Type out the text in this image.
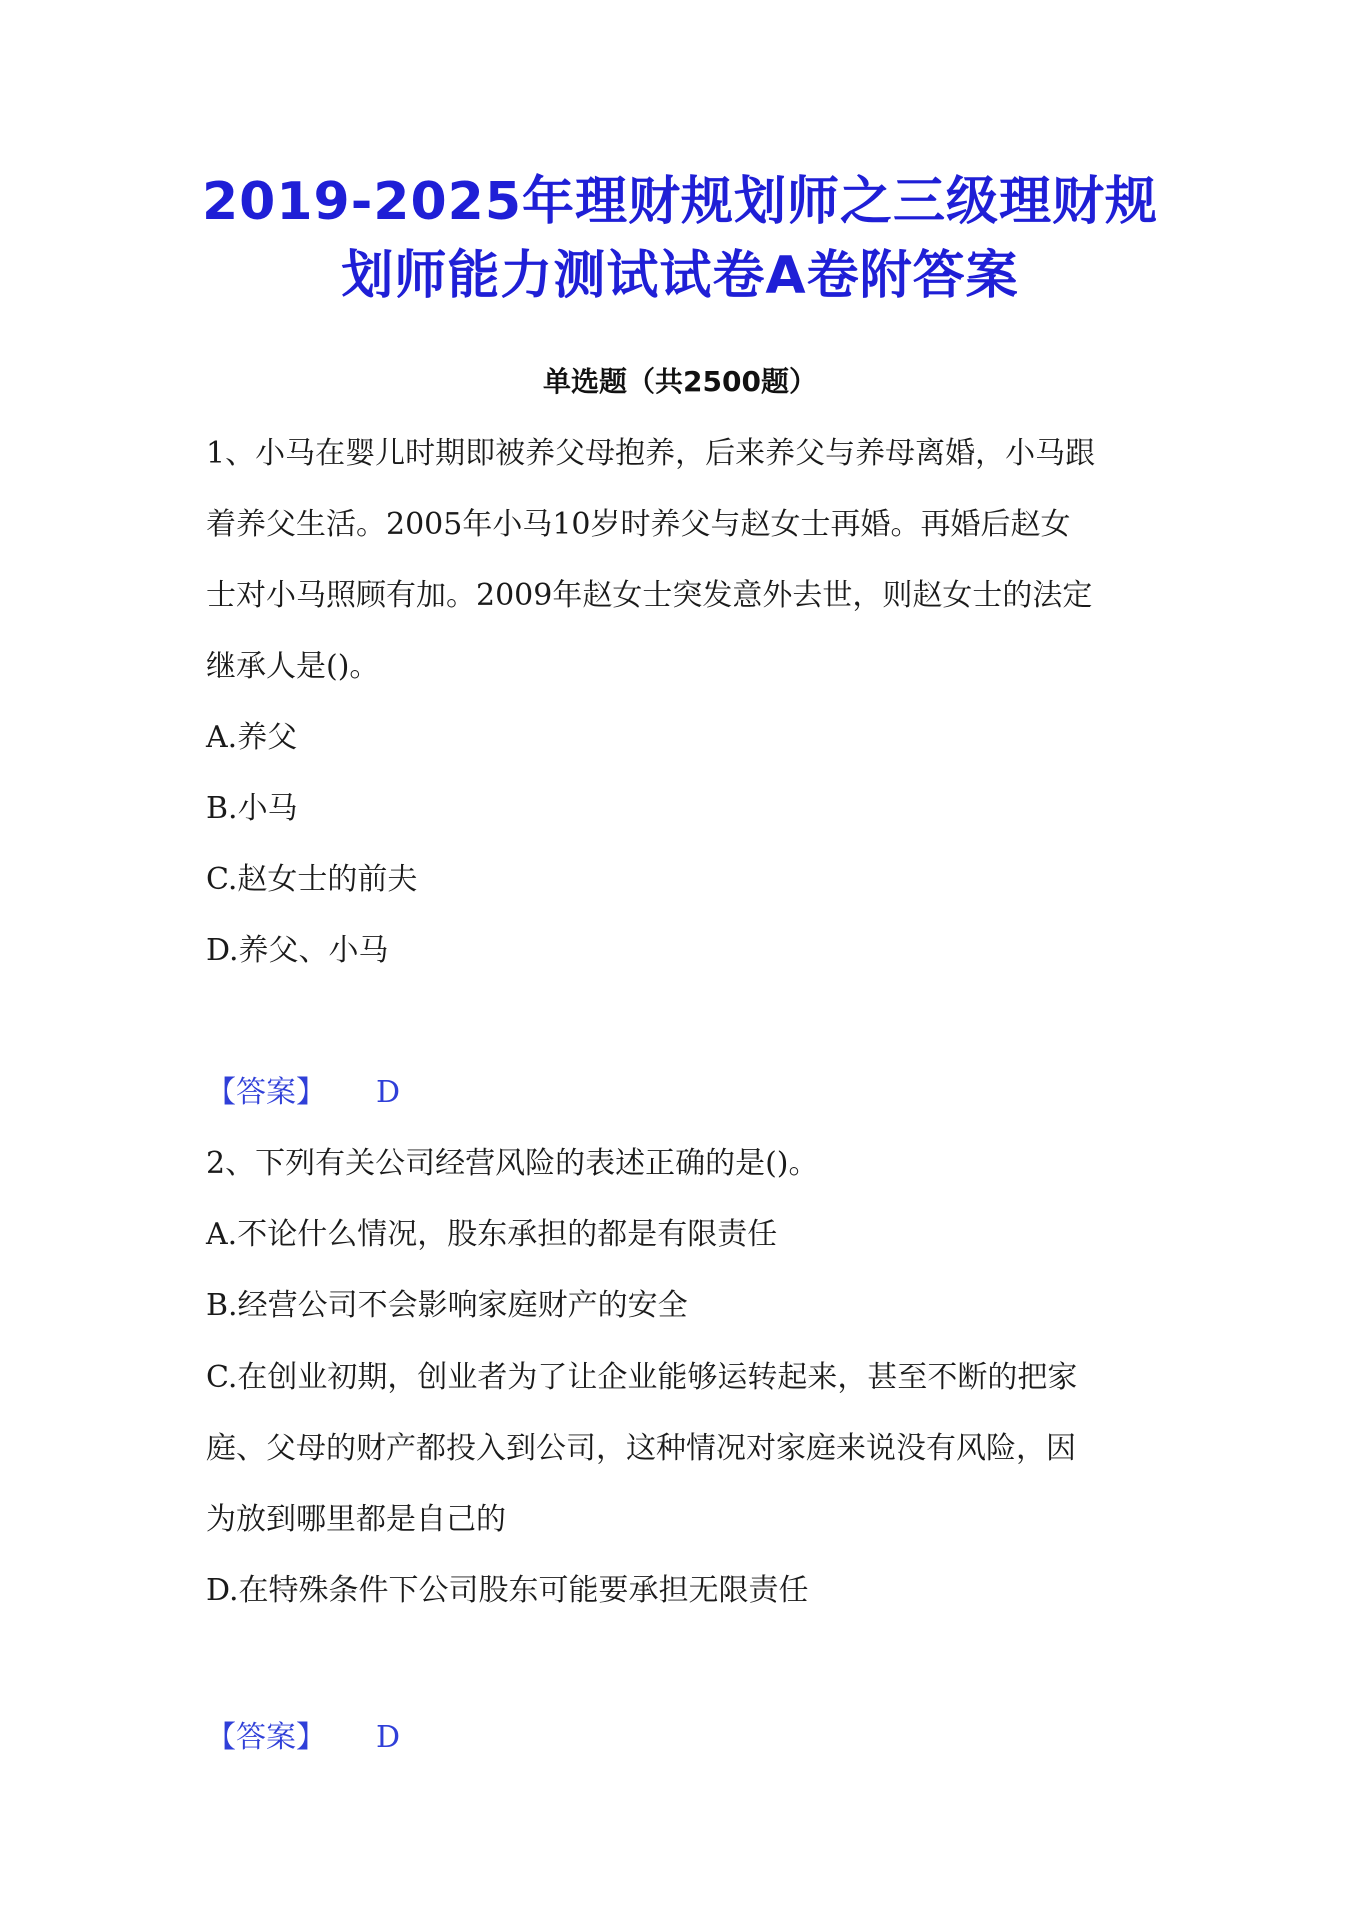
2019-2025年理财规划师之三级理财规
划师能力测试试卷A卷附答案
单选题（共2500题）
1、小马在婴儿时期即被养父母抱养，后来养父与养母离婚，小马跟
着养父生活。2005年小马10岁时养父与赵女士再婚。再婚后赵女
士对小马照顾有加。2009年赵女士突发意外去世，则赵女士的法定
继承人是()。
A.养父
B.小马
C.赵女士的前夫
D.养父、小马
【答案】 D
2、下列有关公司经营风险的表述正确的是()。
A.不论什么情况，股东承担的都是有限责任
B.经营公司不会影响家庭财产的安全
C.在创业初期，创业者为了让企业能够运转起来，甚至不断的把家
庭、父母的财产都投入到公司，这种情况对家庭来说没有风险，因
为放到哪里都是自己的
D.在特殊条件下公司股东可能要承担无限责任
【答案】 D
